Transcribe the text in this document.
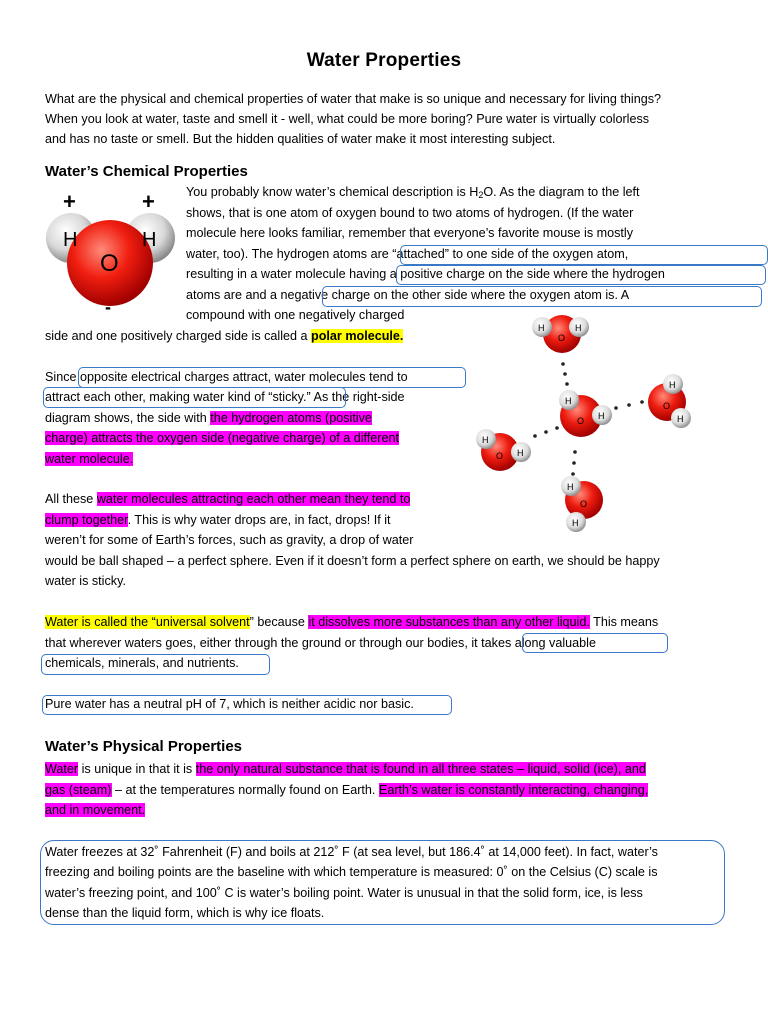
Water Properties
What are the physical and chemical properties of water that make is so unique and necessary for living things?
When you look at water, taste and smell it - well, what could be more boring? Pure water is virtually colorless
and has no taste or smell. But the hidden qualities of water make it most interesting subject.
Water’s Chemical Properties
+	+
H	H
O
-
You probably know water’s chemical description is $H_2O$. As the diagram to the left
shows, that is one atom of oxygen bound to two atoms of hydrogen. (If the water
molecule here looks familiar, remember that everyone’s favorite mouse is mostly
water, too). The hydrogen atoms are “attached” to one side of the oxygen atom,
resulting in a water molecule having a positive charge on the side where the hydrogen
atoms are and a negative charge on the other side where the oxygen atom is. A
compound with one negatively charged
side and one positively charged side is called a polar molecule.
H	H
O
H
H
O
H
H
O
H
H
O
H
H
O
Since opposite electrical charges attract, water molecules tend to
attract each other, making water kind of “sticky.” As the right-side
diagram shows, the side with the hydrogen atoms (positive
charge) attracts the oxygen side (negative charge) of a different
water molecule.
All these water molecules attracting each other mean they tend to
clump together. This is why water drops are, in fact, drops! If it
weren’t for some of Earth’s forces, such as gravity, a drop of water
would be ball shaped – a perfect sphere. Even if it doesn’t form a perfect sphere on earth, we should be happy
water is sticky.
Water is called the “universal solvent” because it dissolves more substances than any other liquid. This means
that wherever waters goes, either through the ground or through our bodies, it takes along valuable
chemicals, minerals, and nutrients.
Pure water has a neutral pH of 7, which is neither acidic nor basic.
Water’s Physical Properties
Water is unique in that it is the only natural substance that is found in all three states – liquid, solid (ice), and
gas (steam) – at the temperatures normally found on Earth. Earth’s water is constantly interacting, changing,
and in movement.
Water freezes at 32˚ Fahrenheit (F) and boils at 212˚ F (at sea level, but 186.4˚ at 14,000 feet). In fact, water’s
freezing and boiling points are the baseline with which temperature is measured: 0˚ on the Celsius (C) scale is
water’s freezing point, and 100˚ C is water’s boiling point. Water is unusual in that the solid form, ice, is less
dense than the liquid form, which is why ice floats.
